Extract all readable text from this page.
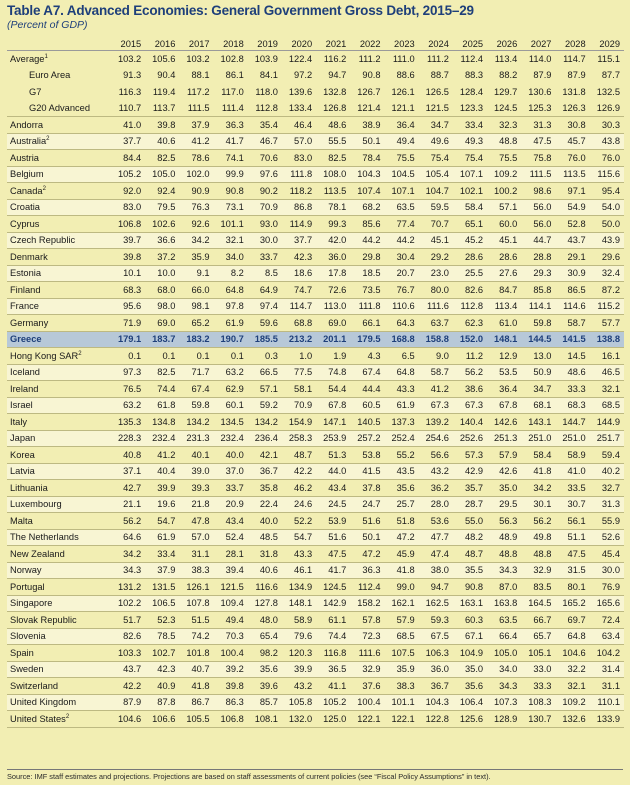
Table A7. Advanced Economies: General Government Gross Debt, 2015–29
(Percent of GDP)
	2015	2016	2017	2018	2019	2020	2021	2022	2023	2024	2025	2026	2027	2028	2029
Average$^1$	103.2	105.6	103.2	102.8	103.9	122.4	116.2	111.2	111.0	111.2	112.4	113.4	114.0	114.7	115.1
Euro Area	91.3	90.4	88.1	86.1	84.1	97.2	94.7	90.8	88.6	88.7	88.3	88.2	87.9	87.9	87.7
G7	116.3	119.4	117.2	117.0	118.0	139.6	132.8	126.7	126.1	126.5	128.4	129.7	130.6	131.8	132.5
G20 Advanced	110.7	113.7	111.5	111.4	112.8	133.4	126.8	121.4	121.1	121.5	123.3	124.5	125.3	126.3	126.9
Andorra	41.0	39.8	37.9	36.3	35.4	46.4	48.6	38.9	36.4	34.7	33.4	32.3	31.3	30.8	30.3
Australia$^2$	37.7	40.6	41.2	41.7	46.7	57.0	55.5	50.1	49.4	49.6	49.3	48.8	47.5	45.7	43.8
Austria	84.4	82.5	78.6	74.1	70.6	83.0	82.5	78.4	75.5	75.4	75.4	75.5	75.8	76.0	76.0
Belgium	105.2	105.0	102.0	99.9	97.6	111.8	108.0	104.3	104.5	105.4	107.1	109.2	111.5	113.5	115.6
Canada$^2$	92.0	92.4	90.9	90.8	90.2	118.2	113.5	107.4	107.1	104.7	102.1	100.2	98.6	97.1	95.4
Croatia	83.0	79.5	76.3	73.1	70.9	86.8	78.1	68.2	63.5	59.5	58.4	57.1	56.0	54.9	54.0
Cyprus	106.8	102.6	92.6	101.1	93.0	114.9	99.3	85.6	77.4	70.7	65.1	60.0	56.0	52.8	50.0
Czech Republic	39.7	36.6	34.2	32.1	30.0	37.7	42.0	44.2	44.2	45.1	45.2	45.1	44.7	43.7	43.9
Denmark	39.8	37.2	35.9	34.0	33.7	42.3	36.0	29.8	30.4	29.2	28.6	28.6	28.8	29.1	29.6
Estonia	10.1	10.0	9.1	8.2	8.5	18.6	17.8	18.5	20.7	23.0	25.5	27.6	29.3	30.9	32.4
Finland	68.3	68.0	66.0	64.8	64.9	74.7	72.6	73.5	76.7	80.0	82.6	84.7	85.8	86.5	87.2
France	95.6	98.0	98.1	97.8	97.4	114.7	113.0	111.8	110.6	111.6	112.8	113.4	114.1	114.6	115.2
Germany	71.9	69.0	65.2	61.9	59.6	68.8	69.0	66.1	64.3	63.7	62.3	61.0	59.8	58.7	57.7
Greece	179.1	183.7	183.2	190.7	185.5	213.2	201.1	179.5	168.8	158.8	152.0	148.1	144.5	141.5	138.8
Hong Kong SAR$^2$	0.1	0.1	0.1	0.1	0.3	1.0	1.9	4.3	6.5	9.0	11.2	12.9	13.0	14.5	16.1
Iceland	97.3	82.5	71.7	63.2	66.5	77.5	74.8	67.4	64.8	58.7	56.2	53.5	50.9	48.6	46.5
Ireland	76.5	74.4	67.4	62.9	57.1	58.1	54.4	44.4	43.3	41.2	38.6	36.4	34.7	33.3	32.1
Israel	63.2	61.8	59.8	60.1	59.2	70.9	67.8	60.5	61.9	67.3	67.3	67.8	68.1	68.3	68.5
Italy	135.3	134.8	134.2	134.5	134.2	154.9	147.1	140.5	137.3	139.2	140.4	142.6	143.1	144.7	144.9
Japan	228.3	232.4	231.3	232.4	236.4	258.3	253.9	257.2	252.4	254.6	252.6	251.3	251.0	251.0	251.7
Korea	40.8	41.2	40.1	40.0	42.1	48.7	51.3	53.8	55.2	56.6	57.3	57.9	58.4	58.9	59.4
Latvia	37.1	40.4	39.0	37.0	36.7	42.2	44.0	41.5	43.5	43.2	42.9	42.6	41.8	41.0	40.2
Lithuania	42.7	39.9	39.3	33.7	35.8	46.2	43.4	37.8	35.6	36.2	35.7	35.0	34.2	33.5	32.7
Luxembourg	21.1	19.6	21.8	20.9	22.4	24.6	24.5	24.7	25.7	28.0	28.7	29.5	30.1	30.7	31.3
Malta	56.2	54.7	47.8	43.4	40.0	52.2	53.9	51.6	51.8	53.6	55.0	56.3	56.2	56.1	55.9
The Netherlands	64.6	61.9	57.0	52.4	48.5	54.7	51.6	50.1	47.2	47.7	48.2	48.9	49.8	51.1	52.6
New Zealand	34.2	33.4	31.1	28.1	31.8	43.3	47.5	47.2	45.9	47.4	48.7	48.8	48.8	47.5	45.4
Norway	34.3	37.9	38.3	39.4	40.6	46.1	41.7	36.3	41.8	38.0	35.5	34.3	32.9	31.5	30.0
Portugal	131.2	131.5	126.1	121.5	116.6	134.9	124.5	112.4	99.0	94.7	90.8	87.0	83.5	80.1	76.9
Singapore	102.2	106.5	107.8	109.4	127.8	148.1	142.9	158.2	162.1	162.5	163.1	163.8	164.5	165.2	165.6
Slovak Republic	51.7	52.3	51.5	49.4	48.0	58.9	61.1	57.8	57.9	59.3	60.3	63.5	66.7	69.7	72.4
Slovenia	82.6	78.5	74.2	70.3	65.4	79.6	74.4	72.3	68.5	67.5	67.1	66.4	65.7	64.8	63.4
Spain	103.3	102.7	101.8	100.4	98.2	120.3	116.8	111.6	107.5	106.3	104.9	105.0	105.1	104.6	104.2
Sweden	43.7	42.3	40.7	39.2	35.6	39.9	36.5	32.9	35.9	36.0	35.0	34.0	33.0	32.2	31.4
Switzerland	42.2	40.9	41.8	39.8	39.6	43.2	41.1	37.6	38.3	36.7	35.6	34.3	33.3	32.1	31.1
United Kingdom	87.9	87.8	86.7	86.3	85.7	105.8	105.2	100.4	101.1	104.3	106.4	107.3	108.3	109.2	110.1
United States$^2$	104.6	106.6	105.5	106.8	108.1	132.0	125.0	122.1	122.1	122.8	125.6	128.9	130.7	132.6	133.9
Source: IMF staff estimates and projections. Projections are based on staff assessments of current policies (see “Fiscal Policy Assumptions” in text).
